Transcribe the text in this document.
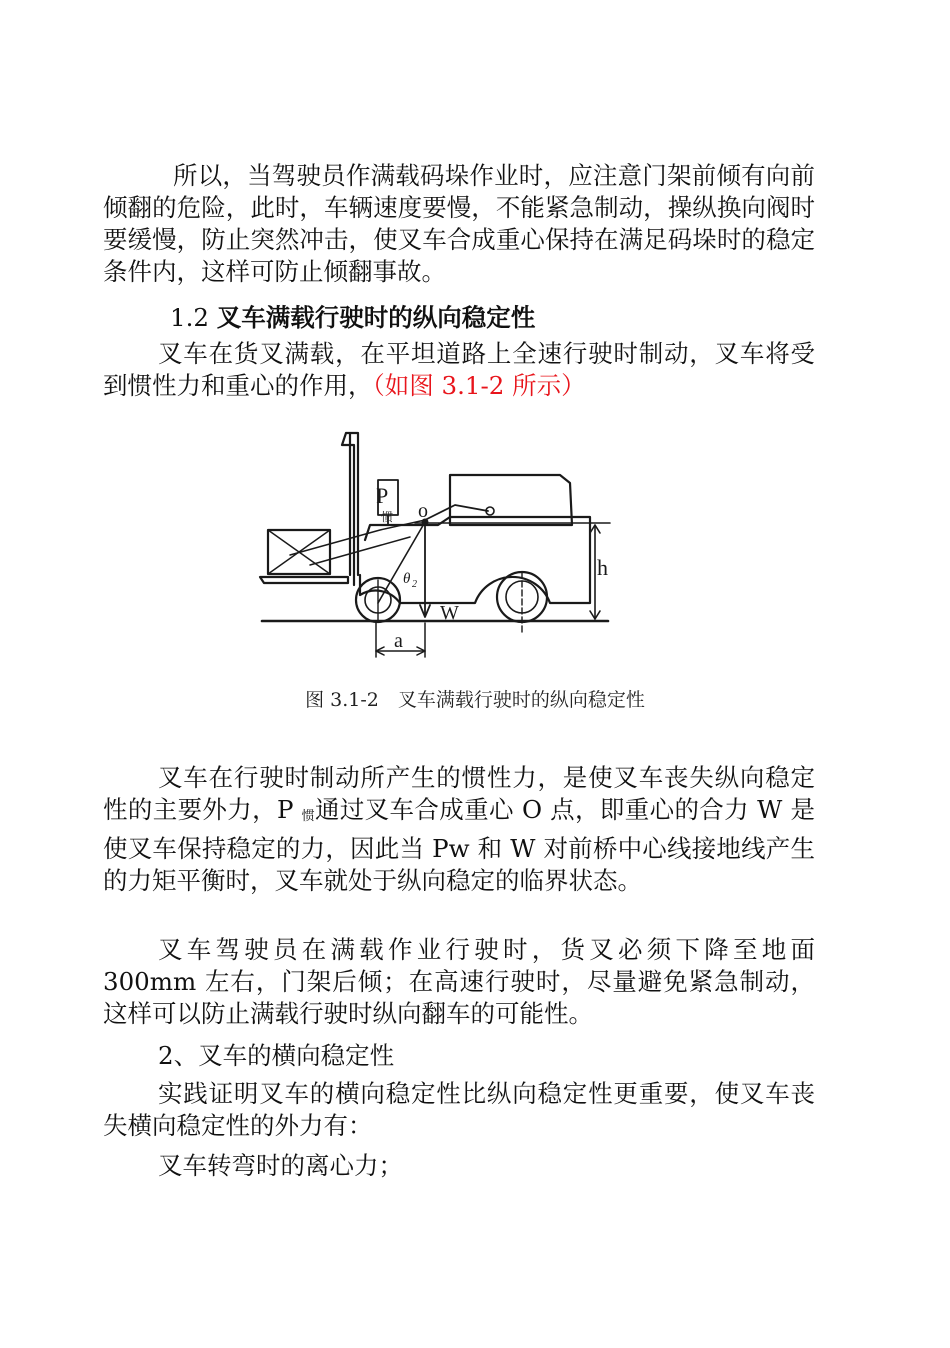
所以，当驾驶员作满载码垛作业时，应注意门架前倾有向前倾翻的危险，此时，车辆速度要慢，不能紧急制动，操纵换向阀时要缓慢，防止突然冲击，使叉车合成重心保持在满足码垛时的稳定条件内，这样可防止倾翻事故。
1.2 叉车满载行驶时的纵向稳定性
叉车在货叉满载，在平坦道路上全速行驶时制动，叉车将受到惯性力和重心的作用，（如图 3.1-2 所示）
P
惯 o
h
W
a
θ 2
图 3.1-2　叉车满载行驶时的纵向稳定性
叉车在行驶时制动所产生的惯性力，是使叉车丧失纵向稳定性的主要外力，P $_惯$通过叉车合成重心 O 点，即重心的合力 W 是使叉车保持稳定的力，因此当 Pw 和 W 对前桥中心线接地线产生的力矩平衡时，叉车就处于纵向稳定的临界状态。
叉车驾驶员在满载作业行驶时，货叉必须下降至地面 300mm 左右，门架后倾；在高速行驶时，尽量避免紧急制动，这样可以防止满载行驶时纵向翻车的可能性。
2、叉车的横向稳定性
实践证明叉车的横向稳定性比纵向稳定性更重要，使叉车丧失横向稳定性的外力有：
叉车转弯时的离心力；
